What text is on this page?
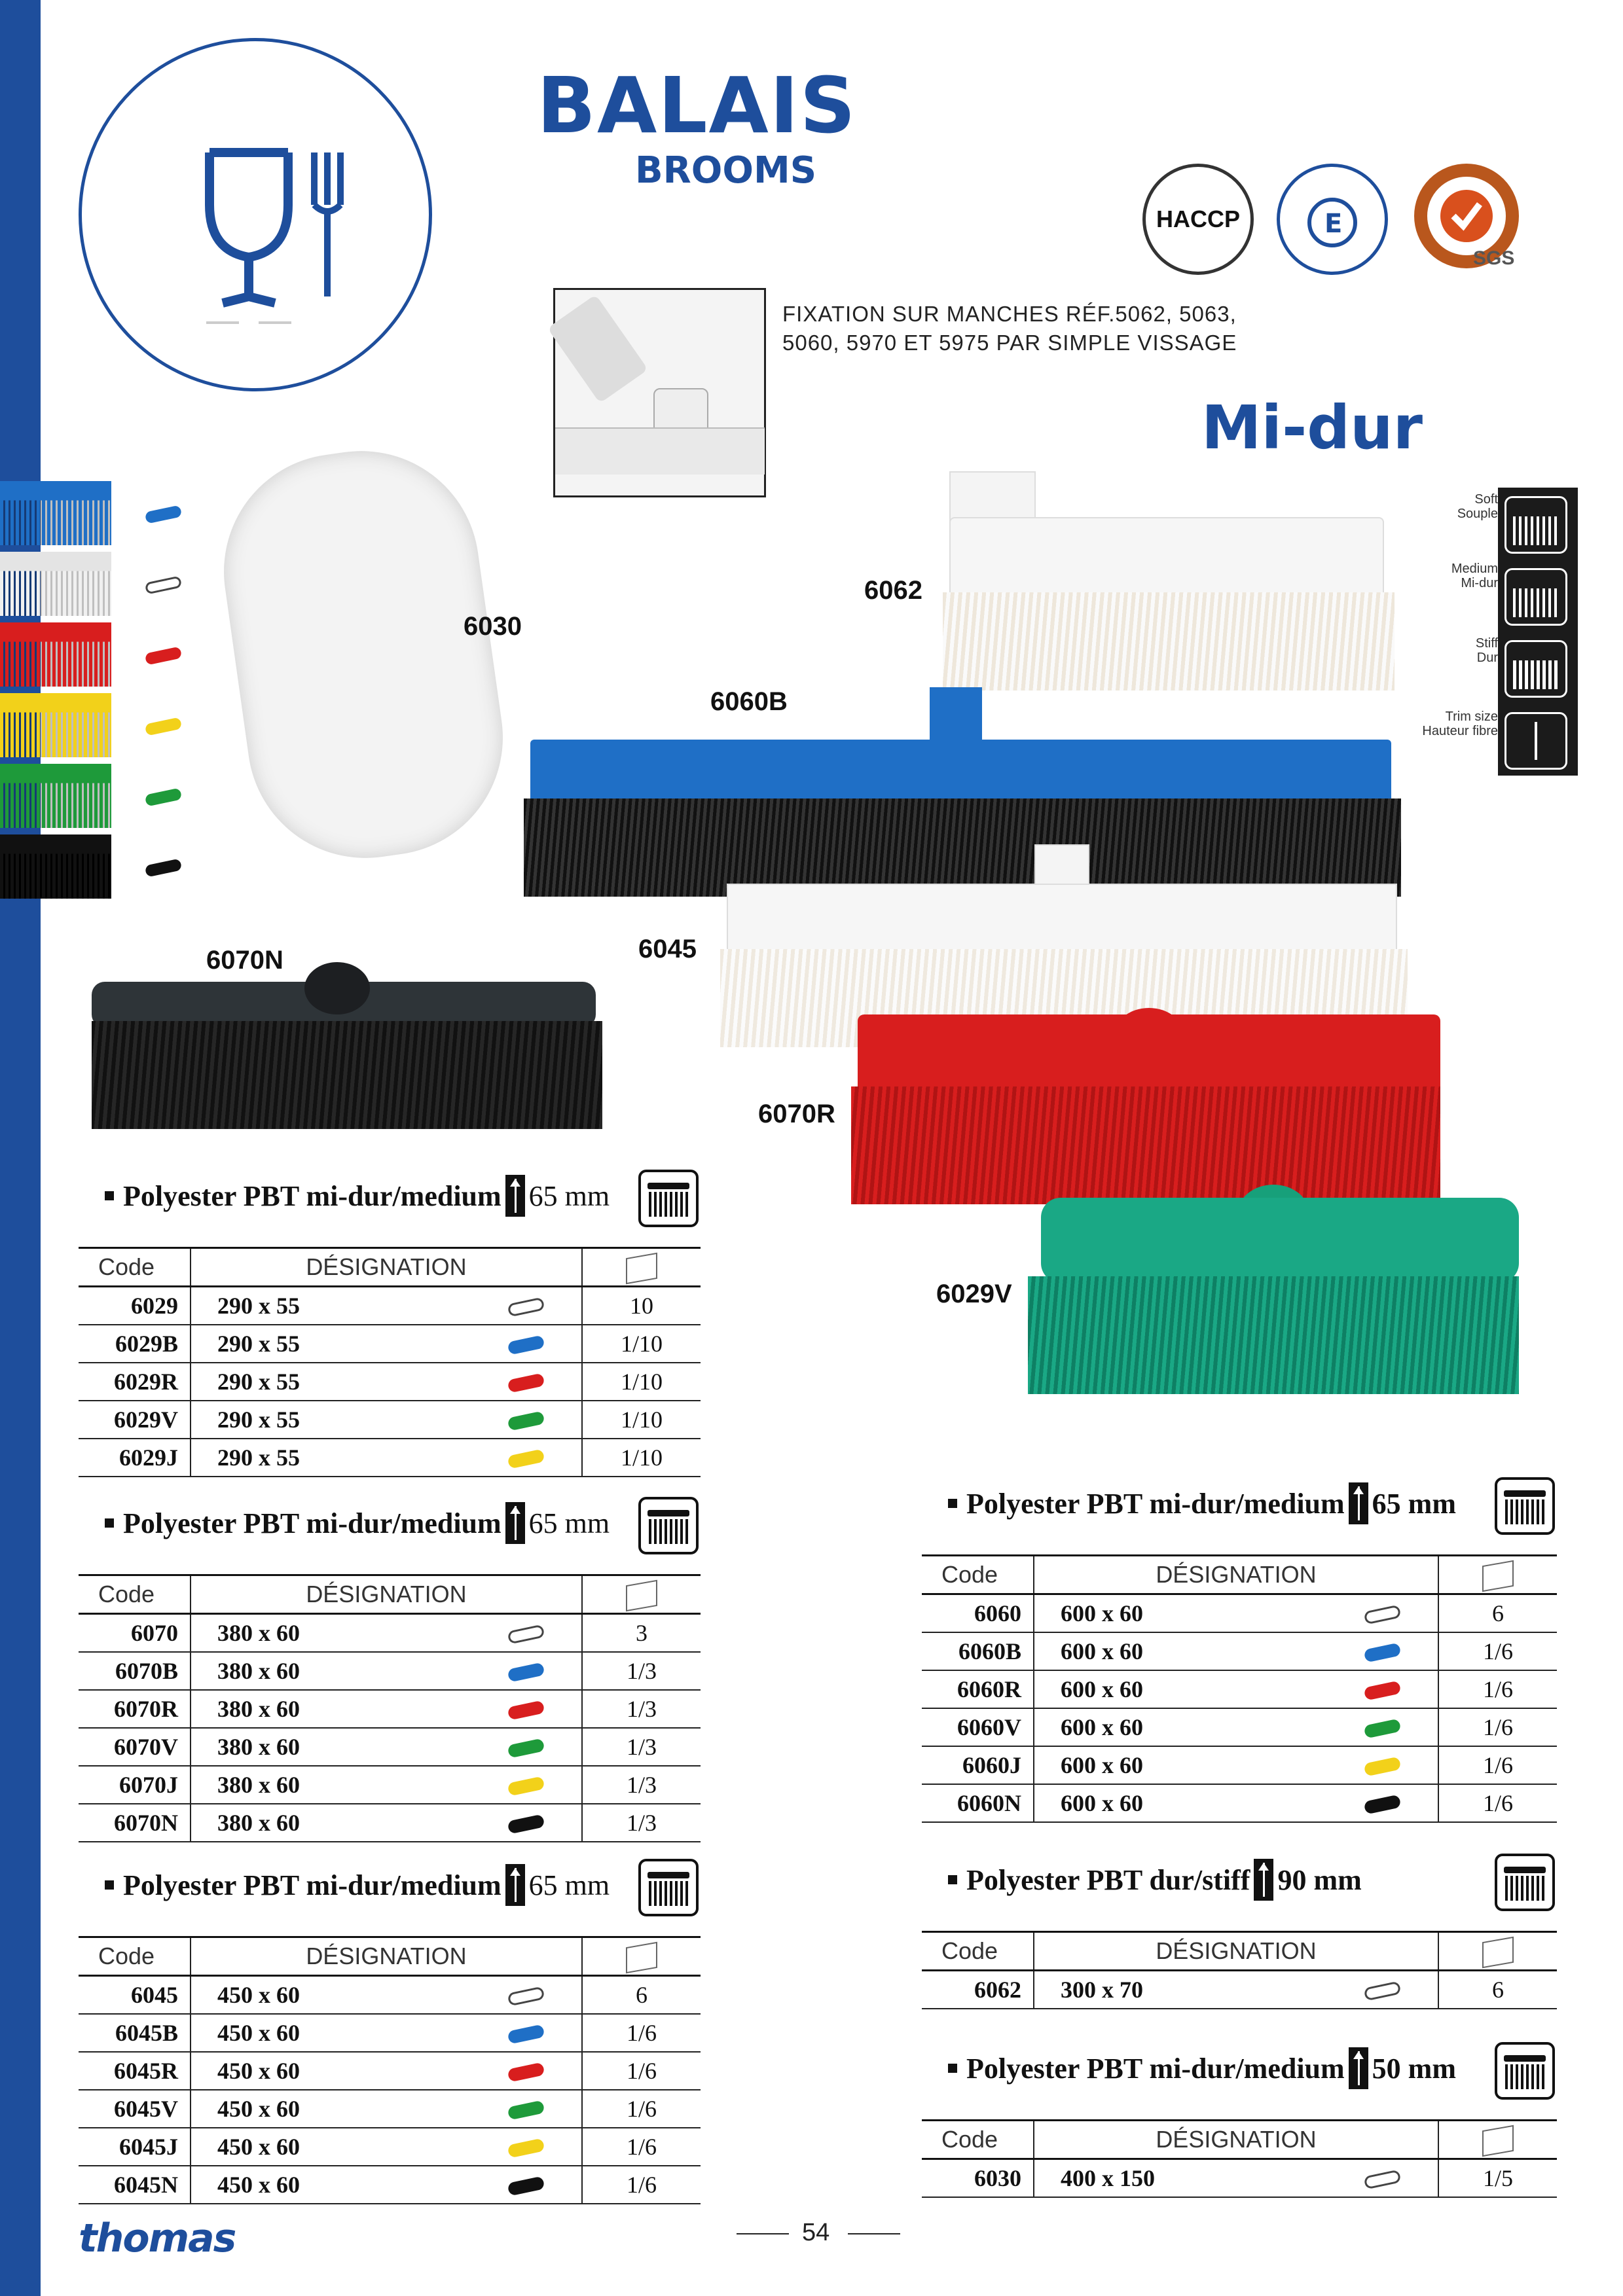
BALAIS
BROOMS
HACCP	E
SGS
FIXATION SUR MANCHES RÉF.5062, 5063, 5060, 5970 ET 5975 PAR SIMPLE VISSAGE
Mi-dur
Soft
Souple
Medium
Mi-dur
Stiff
Dur
Trim size
Hauteur fibre
6030
6062
6060B
6045
6070N
6070R
6029V
Polyester PBT mi-dur/medium 65 mm
Code	DÉSIGNATION		
6029	290 x 55		10
6029B	290 x 55		1/10
6029R	290 x 55		1/10
6029V	290 x 55		1/10
6029J	290 x 55		1/10
Polyester PBT mi-dur/medium 65 mm
Code	DÉSIGNATION		
6070	380 x 60		3
6070B	380 x 60		1/3
6070R	380 x 60		1/3
6070V	380 x 60		1/3
6070J	380 x 60		1/3
6070N	380 x 60		1/3
Polyester PBT mi-dur/medium 65 mm
Code	DÉSIGNATION		
6045	450 x 60		6
6045B	450 x 60		1/6
6045R	450 x 60		1/6
6045V	450 x 60		1/6
6045J	450 x 60		1/6
6045N	450 x 60		1/6
Polyester PBT mi-dur/medium 65 mm
Code	DÉSIGNATION		
6060	600 x 60		6
6060B	600 x 60		1/6
6060R	600 x 60		1/6
6060V	600 x 60		1/6
6060J	600 x 60		1/6
6060N	600 x 60		1/6
Polyester PBT dur/stiff 90 mm
Code	DÉSIGNATION		
6062	300 x 70		6
Polyester PBT mi-dur/medium 50 mm
Code	DÉSIGNATION		
6030	400 x 150		1/5
thomas	54
